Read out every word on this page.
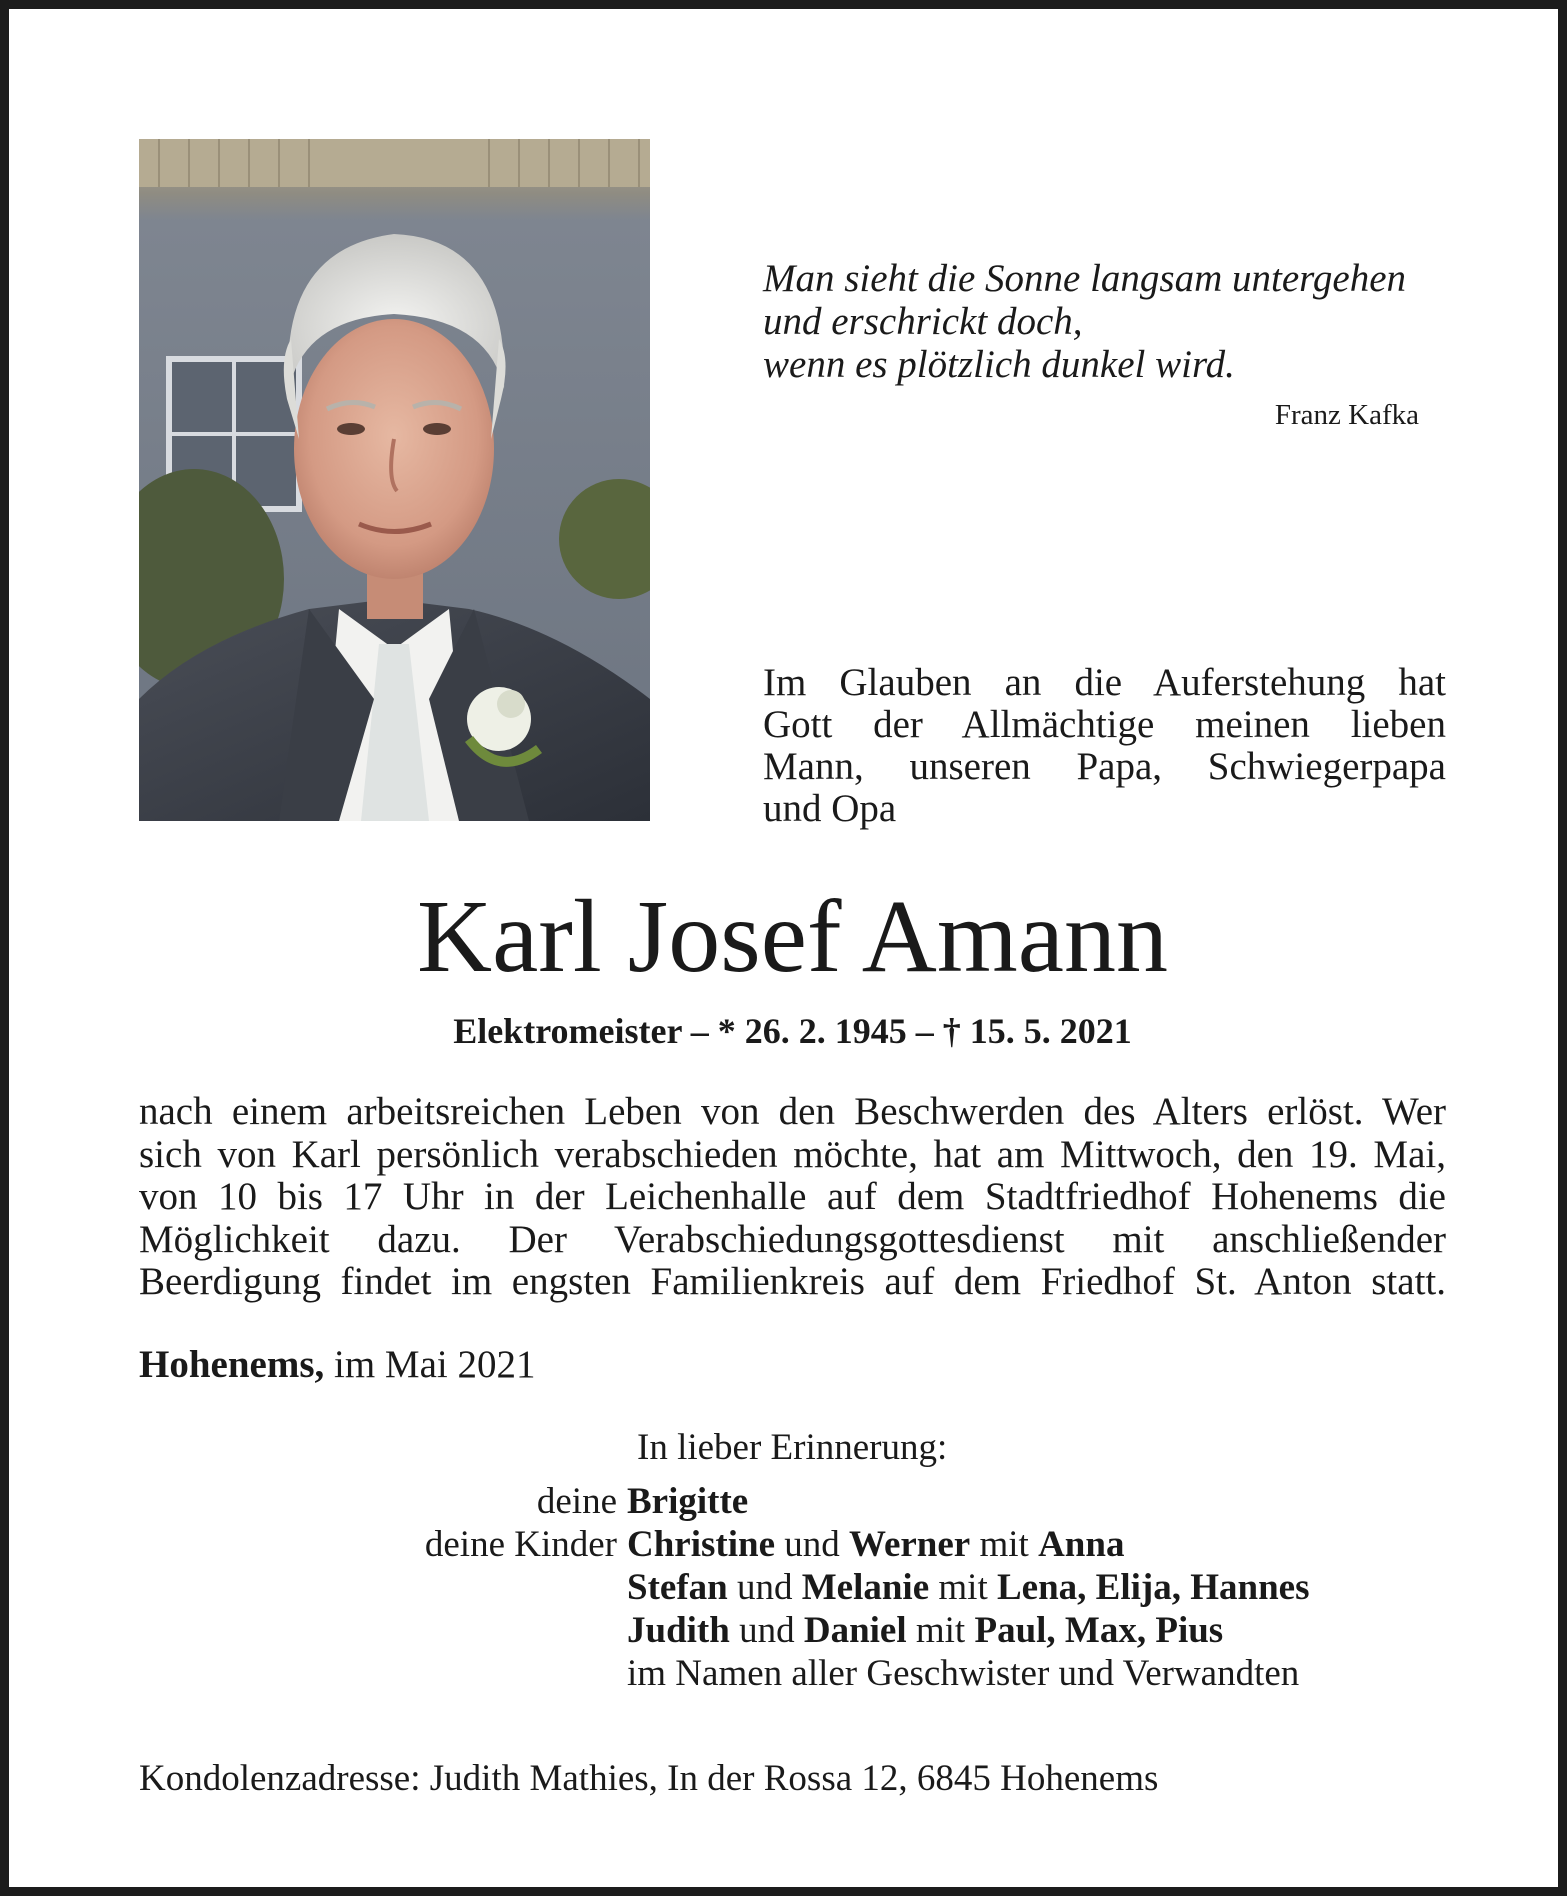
Man sieht die Sonne langsam untergehen
und erschrickt doch,
wenn es plötzlich dunkel wird.
Franz Kafka
Im Glauben an die Auferstehung hat
Gott der Allmächtige meinen lieben
Mann, unseren Papa, Schwiegerpapa
und Opa
Karl Josef Amann
Elektromeister – * 26. 2. 1945 – † 15. 5. 2021
nach einem arbeitsreichen Leben von den Beschwerden des Alters erlöst. Wer
sich von Karl persönlich verabschieden möchte, hat am Mittwoch, den 19. Mai,
von 10 bis 17 Uhr in der Leichenhalle auf dem Stadtfriedhof Hohenems die
Möglichkeit dazu. Der Verabschiedungsgottesdienst mit anschließender
Beerdigung findet im engsten Familienkreis auf dem Friedhof St. Anton statt.
Hohenems, im Mai 2021
In lieber Erinnerung:
deine Brigitte
deine Kinder Christine und Werner mit Anna
Stefan und Melanie mit Lena, Elija, Hannes
Judith und Daniel mit Paul, Max, Pius
im Namen aller Geschwister und Verwandten
Kondolenzadresse: Judith Mathies, In der Rossa 12, 6845 Hohenems
